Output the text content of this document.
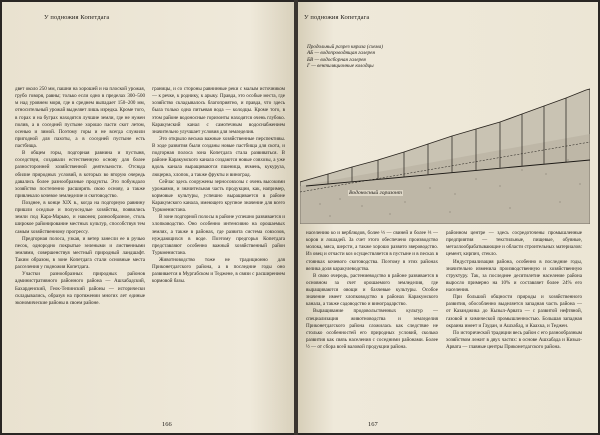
У подножия Копетдага

двет около 250 мм, пашни на хорошей и на плоской урожая, грубо говоря, равны; только если одно в пределах 300–500 м над уровнем моря, где в среднем выпадает 150–200 мм, относительный урожай выделяет лишь изредка. Кроме того, в горах и на буграх находятся лучшие земли, где не нужен полив, а в соседней пустыне хорошо пасти скот летом, осенью и зимой. Поэтому горы и не всегда служили пригодной для пахоты, а в соседней пустыне есть пастбища.

В общем горы, подгорная равнина и пустыня, соседствуя, создавали естественную основу для более разносторонней хозяйственной деятельности. Отсюда обилие природных условий, в которых во вторую очередь давались более разнообразные продукты. Это побуждало хозяйство постепенно расширять свою основу, а также привлекало кочевое земледелие и скотоводство.

Позднее, в конце XIX в., когда на подгорную равнину пришли оседлые и полуоседлые хозяйства, появились земли под Кара-Марыю, и наконец разнообразное, столь широкое районирование местных культур, способствуя тем самым хозяйственному прогрессу.

Предгорная полоса, узкая, и ветер занесли ее в ручью песок, однородно покрытые зелеными и лиственными землями, совершенствуя местный природный ландшафт. Таким образом, в зоне Копетдага стали основные места расселения у подножия Копетдага.

Участки разнообразных природных районов административного районного района — Ашхабадский, Бахарденский, Геок-Тепинский районы — исторически складывались, образуя на протяжении многих лет единые экономические районы в своем районе.

границы, и со стороны равнинные реки с малым источником — к речке, к роднику, к арыку. Правда, это особые места, где хозяйство складывалось благоприятно, и правда, что здесь была только одна питьевая вода — колодцы. Кроме того, в этом районе водоносные горизонты находятся очень глубоко. Каракумский канал с самотечным водоснабжением значительно улучшает условия для земледелия.

Это открыло весьма важные хозяйственные перспективы. В ходе развития были созданы новые пастбища для скота, и подгорная полоса зона Копетдага стала развиваться. В районе Каракумского канала создаются новые совхозы, а уже вдоль канала выращиваются пшеница, ячмень, кукуруза, люцерна, хлопок, а также фрукты и виноград.

Сейчас здесь сооружены зерносовхозы с очень высокими урожаями, и значительная часть продукции, как, например, кормовые культуры, успешно выращивается в районе Каракумского канала, имеющего крупное значение для всего Туркменистана.

В зоне подгорной полосы в районе успешно развивается и хлопководство. Оно особенно интенсивно на орошаемых землях, а также в районах, где развита система совхозов, нуждающихся в воде. Поэтому предгорья Копетдага представляют особенно важный хозяйственный район Туркменистана.

Животноводство тоже не традиционно для Приконетдагского района, а в последние годы оно развивается в Мургабском и Теджене, в связи с расширением кормовой базы.

166
У подножия Копетдага
Продольный разрез кяриза (схема)
АБ — водопроводящая галерея
БВ — водосборная галерея
Г — вентиляционные колодцы
Водоносный горизонт

населению ко и верблюдов, более ⅓ — свиней и более ⅓ — коров и лошадей. За счет этого обеспечено производство молока, мяса, шерсти, а также хорошо развито звероводство. Из овец и отчасти коз осуществляется в пустыне и в песках в стоянках кочевого скотоводства. Поэтому в этих районах велика доля каракулеводства.

В свою очередь, растениеводство в районе развивается в основном за счет орошаемого земледелия, где выращиваются овощи и бахчевые культуры. Особое значение имеет хлопководство в районах Каракумского канала, а также садоводство и виноградарство.

Выращивание продовольственных культур — специализация животноводства и земледелия Приконетдагского района сложилась как следствие не столько особенностей его природных условий, сколько развития как связь населения с соседними районами. Более ½ — от сбора всей валовой продукции района.

районном центре — здесь сосредоточены промышленные предприятия — текстильные, пищевые, обувные, металлообрабатывающие и области строительных материалов: цемент, кирпич, стекло.

Индустриализация района, особенно в последние годы, значительно изменила производственную и хозяйственную структуру. Так, за последнее десятилетие население района выросло примерно на 10% и составляет более 24% его населения.

При большой общности природы и хозяйственного развития, обособленно выделяется западная часть района — от Казанджика до Кызыл-Арвата — с развитой нефтяной, газовой и химической промышленностью. Большая западная окраина имеет и Гаудан, и Ашхабад, и Каахка, и Теджен.

По исторической традиции весь район с его разнообразным хозяйством лежит в двух частях: в основе Ашхабада и Кизыл-Арвата — главные центры Приконетдагского района.

167
